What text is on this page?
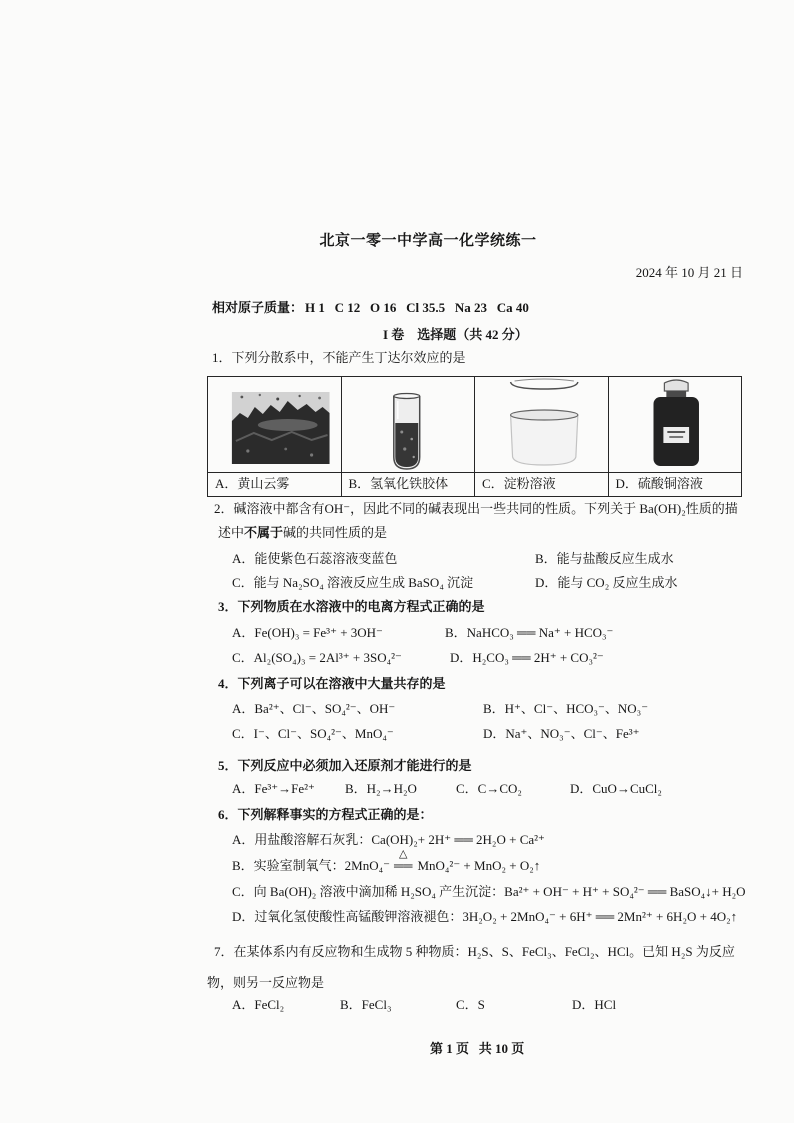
北京一零一中学高一化学统练一
2024 年 10 月 21 日
相对原子质量： H 1   C 12   O 16   Cl 35.5   Na 23   Ca 40
I 卷    选择题（共 42 分）
1．下列分散系中，不能产生丁达尔效应的是
A．黄山云雾	B．氢氧化铁胶体	C．淀粉溶液	D．硫酸铜溶液
2．碱溶液中都含有OH⁻，因此不同的碱表现出一些共同的性质。下列关于 Ba(OH)₂性质的描
述中不属于碱的共同性质的是
A．能使紫色石蕊溶液变蓝色	B．能与盐酸反应生成水
C．能与 Na₂SO₄ 溶液反应生成 BaSO₄ 沉淀	D．能与 CO₂ 反应生成水
3．下列物质在水溶液中的电离方程式正确的是
A．Fe(OH)₃ = Fe³⁺ + 3OH⁻	B．NaHCO₃ ══ Na⁺ + HCO₃⁻
C．Al₂(SO₄)₃ = 2Al³⁺ + 3SO₄²⁻	D．H₂CO₃ ══ 2H⁺ + CO₃²⁻
4．下列离子可以在溶液中大量共存的是
A．Ba²⁺、Cl⁻、SO₄²⁻、OH⁻	B．H⁺、Cl⁻、HCO₃⁻、NO₃⁻
C．I⁻、Cl⁻、SO₄²⁻、MnO₄⁻	D．Na⁺、NO₃⁻、Cl⁻、Fe³⁺
5．下列反应中必须加入还原剂才能进行的是
A．Fe³⁺→Fe²⁺ B．H₂→H₂O	C．C→CO₂	D．CuO→CuCl₂
6．下列解释事实的方程式正确的是：
A．用盐酸溶解石灰乳：Ca(OH)₂+ 2H⁺ ══ 2H₂O + Ca²⁺
B．实验室制氧气：2MnO₄⁻
△
══ MnO₄²⁻ + MnO₂ + O₂↑
C．向 Ba(OH)₂ 溶液中滴加稀 H₂SO₄ 产生沉淀：Ba²⁺ + OH⁻ + H⁺ + SO₄²⁻ ══ BaSO₄↓+ H₂O
D．过氧化氢使酸性高锰酸钾溶液褪色：3H₂O₂ + 2MnO₄⁻ + 6H⁺ ══ 2Mn²⁺ + 6H₂O + 4O₂↑
7．在某体系内有反应物和生成物 5 种物质：H₂S、S、FeCl₃、FeCl₂、HCl。已知 H₂S 为反应
物，则另一反应物是
A．FeCl₂	B．FeCl₃	C．S	D．HCl
第 1 页   共 10 页
